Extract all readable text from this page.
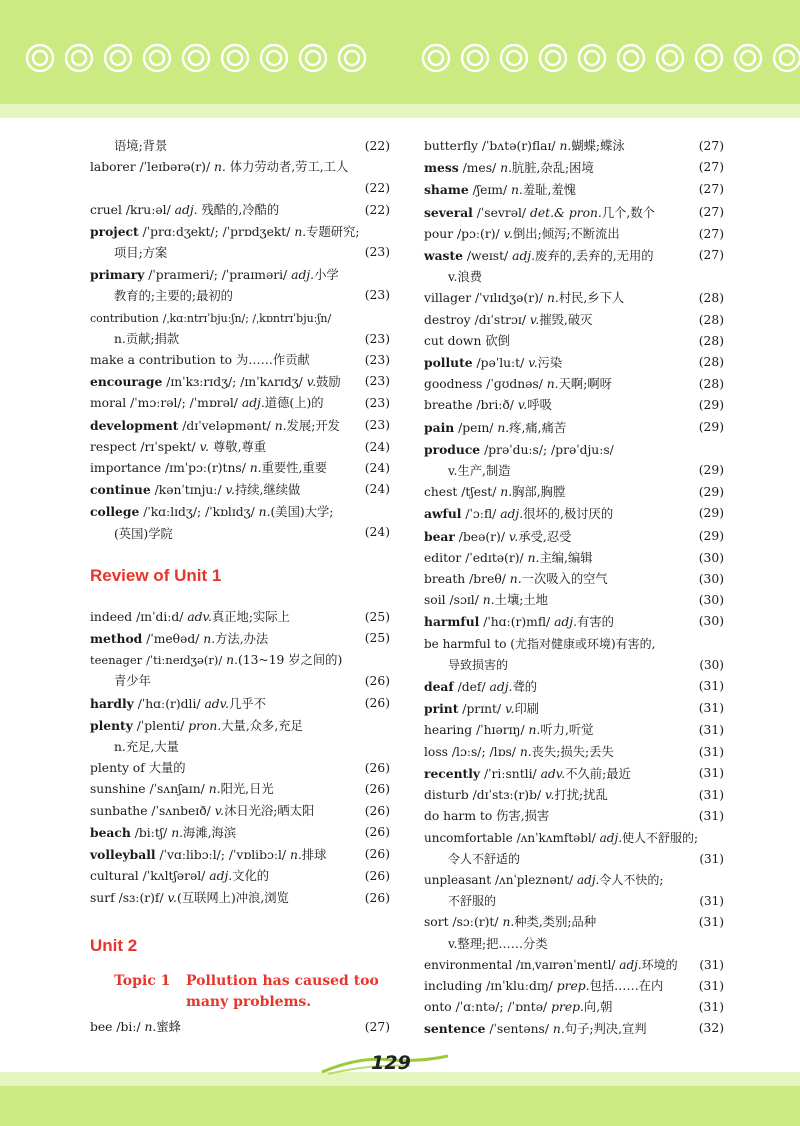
语境;背景	(22)
laborer /ˈleɪbərə(r)/ n. 体力劳动者,劳工,工人
(22)
cruel /kruːəl/ adj. 残酷的,冷酷的	(22)
project /ˈprɑːdʒekt/; /ˈprɒdʒekt/ n.专题研究;
项目;方案	(23)
primary /ˈpraɪmeri/; /ˈpraɪməri/ adj.小学
教育的;主要的;最初的	(23)
contribution /ˌkɑːntrɪˈbjuːʃn/; /ˌkɒntrɪˈbjuːʃn/
n.贡献;捐款	(23)
make a contribution to 为……作贡献	(23)
encourage /ɪnˈkɜːrɪdʒ/; /ɪnˈkʌrɪdʒ/ v.鼓励 (23)
moral /ˈmɔːrəl/; /ˈmɒrəl/ adj.道德(上)的	(23)
development /dɪˈveləpmənt/ n.发展;开发 (23)
respect /rɪˈspekt/ v. 尊敬,尊重	(24)
importance /ɪmˈpɔː(r)tns/ n.重要性,重要	(24)
continue /kənˈtɪnjuː/ v.持续,继续做	(24)
college /ˈkɑːlɪdʒ/; /ˈkɒlɪdʒ/ n.(美国)大学;
(英国)学院	(24)
Review of Unit 1
indeed /ɪnˈdiːd/ adv.真正地;实际上	(25)
method /ˈmeθəd/ n.方法,办法	(25)
teenager /ˈtiːneɪdʒə(r)/ n.(13~19 岁之间的)
青少年	(26)
hardly /ˈhɑː(r)dli/ adv.几乎不	(26)
plenty /ˈplenti/ pron.大量,众多,充足
n.充足,大量
plenty of 大量的	(26)
sunshine /ˈsʌnʃaɪn/ n.阳光,日光	(26)
sunbathe /ˈsʌnbeɪð/ v.沐日光浴;晒太阳	(26)
beach /biːtʃ/ n.海滩,海滨	(26)
volleyball /ˈvɑːlibɔːl/; /ˈvɒlibɔːl/ n.排球	(26)
cultural /ˈkʌltʃərəl/ adj.文化的	(26)
surf /sɜː(r)f/ v.(互联网上)冲浪,浏览	(26)
Unit 2
Topic 1 Pollution has caused too
many problems.
bee /biː/ n.蜜蜂	(27)
butterfly /ˈbʌtə(r)flaɪ/ n.蝴蝶;蝶泳	(27)
mess /mes/ n.肮脏,杂乱;困境	(27)
shame /ʃeɪm/ n.羞耻,羞愧	(27)
several /ˈsevrəl/ det.& pron.几个,数个	(27)
pour /pɔː(r)/ v.倒出;倾泻;不断流出	(27)
waste /weɪst/ adj.废弃的,丢弃的,无用的
v.浪费
(27)
villager /ˈvɪlɪdʒə(r)/ n.村民,乡下人	(28)
destroy /dɪˈstrɔɪ/ v.摧毁,破灭	(28)
cut down 砍倒	(28)
pollute /pəˈluːt/ v.污染	(28)
goodness /ˈɡʊdnəs/ n.天啊;啊呀	(28)
breathe /briːð/ v.呼吸	(29)
pain /peɪn/ n.疼,痛,痛苦	(29)
produce /prəˈduːs/; /prəˈdjuːs/
v.生产,制造	(29)
chest /tʃest/ n.胸部,胸膛	(29)
awful /ˈɔːfl/ adj.很坏的,极讨厌的	(29)
bear /beə(r)/ v.承受,忍受	(29)
editor /ˈedɪtə(r)/ n.主编,编辑	(30)
breath /breθ/ n.一次吸入的空气	(30)
soil /sɔɪl/ n.土壤;土地	(30)
harmful /ˈhɑː(r)mfl/ adj.有害的	(30)
be harmful to (尤指对健康或环境)有害的,
导致损害的	(30)
deaf /def/ adj.聋的	(31)
print /prɪnt/ v.印刷	(31)
hearing /ˈhɪərɪŋ/ n.听力,听觉	(31)
loss /lɔːs/; /lɒs/ n.丧失;损失;丢失	(31)
recently /ˈriːsntli/ adv.不久前;最近	(31)
disturb /dɪˈstɜː(r)b/ v.打扰;扰乱	(31)
do harm to 伤害,损害	(31)
uncomfortable /ʌnˈkʌmftəbl/ adj.使人不舒服的;
令人不舒适的	(31)
unpleasant /ʌnˈpleznənt/ adj.令人不快的;
不舒服的	(31)
sort /sɔː(r)t/ n.种类,类别;品种
v.整理;把……分类
(31)
environmental /ɪnˌvaɪrənˈmentl/ adj.环境的 (31)
including /ɪnˈkluːdɪŋ/ prep.包括……在内	(31)
onto /ˈɑːntə/; /ˈɒntə/ prep.向,朝	(31)
sentence /ˈsentəns/ n.句子;判决,宣判	(32)
129
